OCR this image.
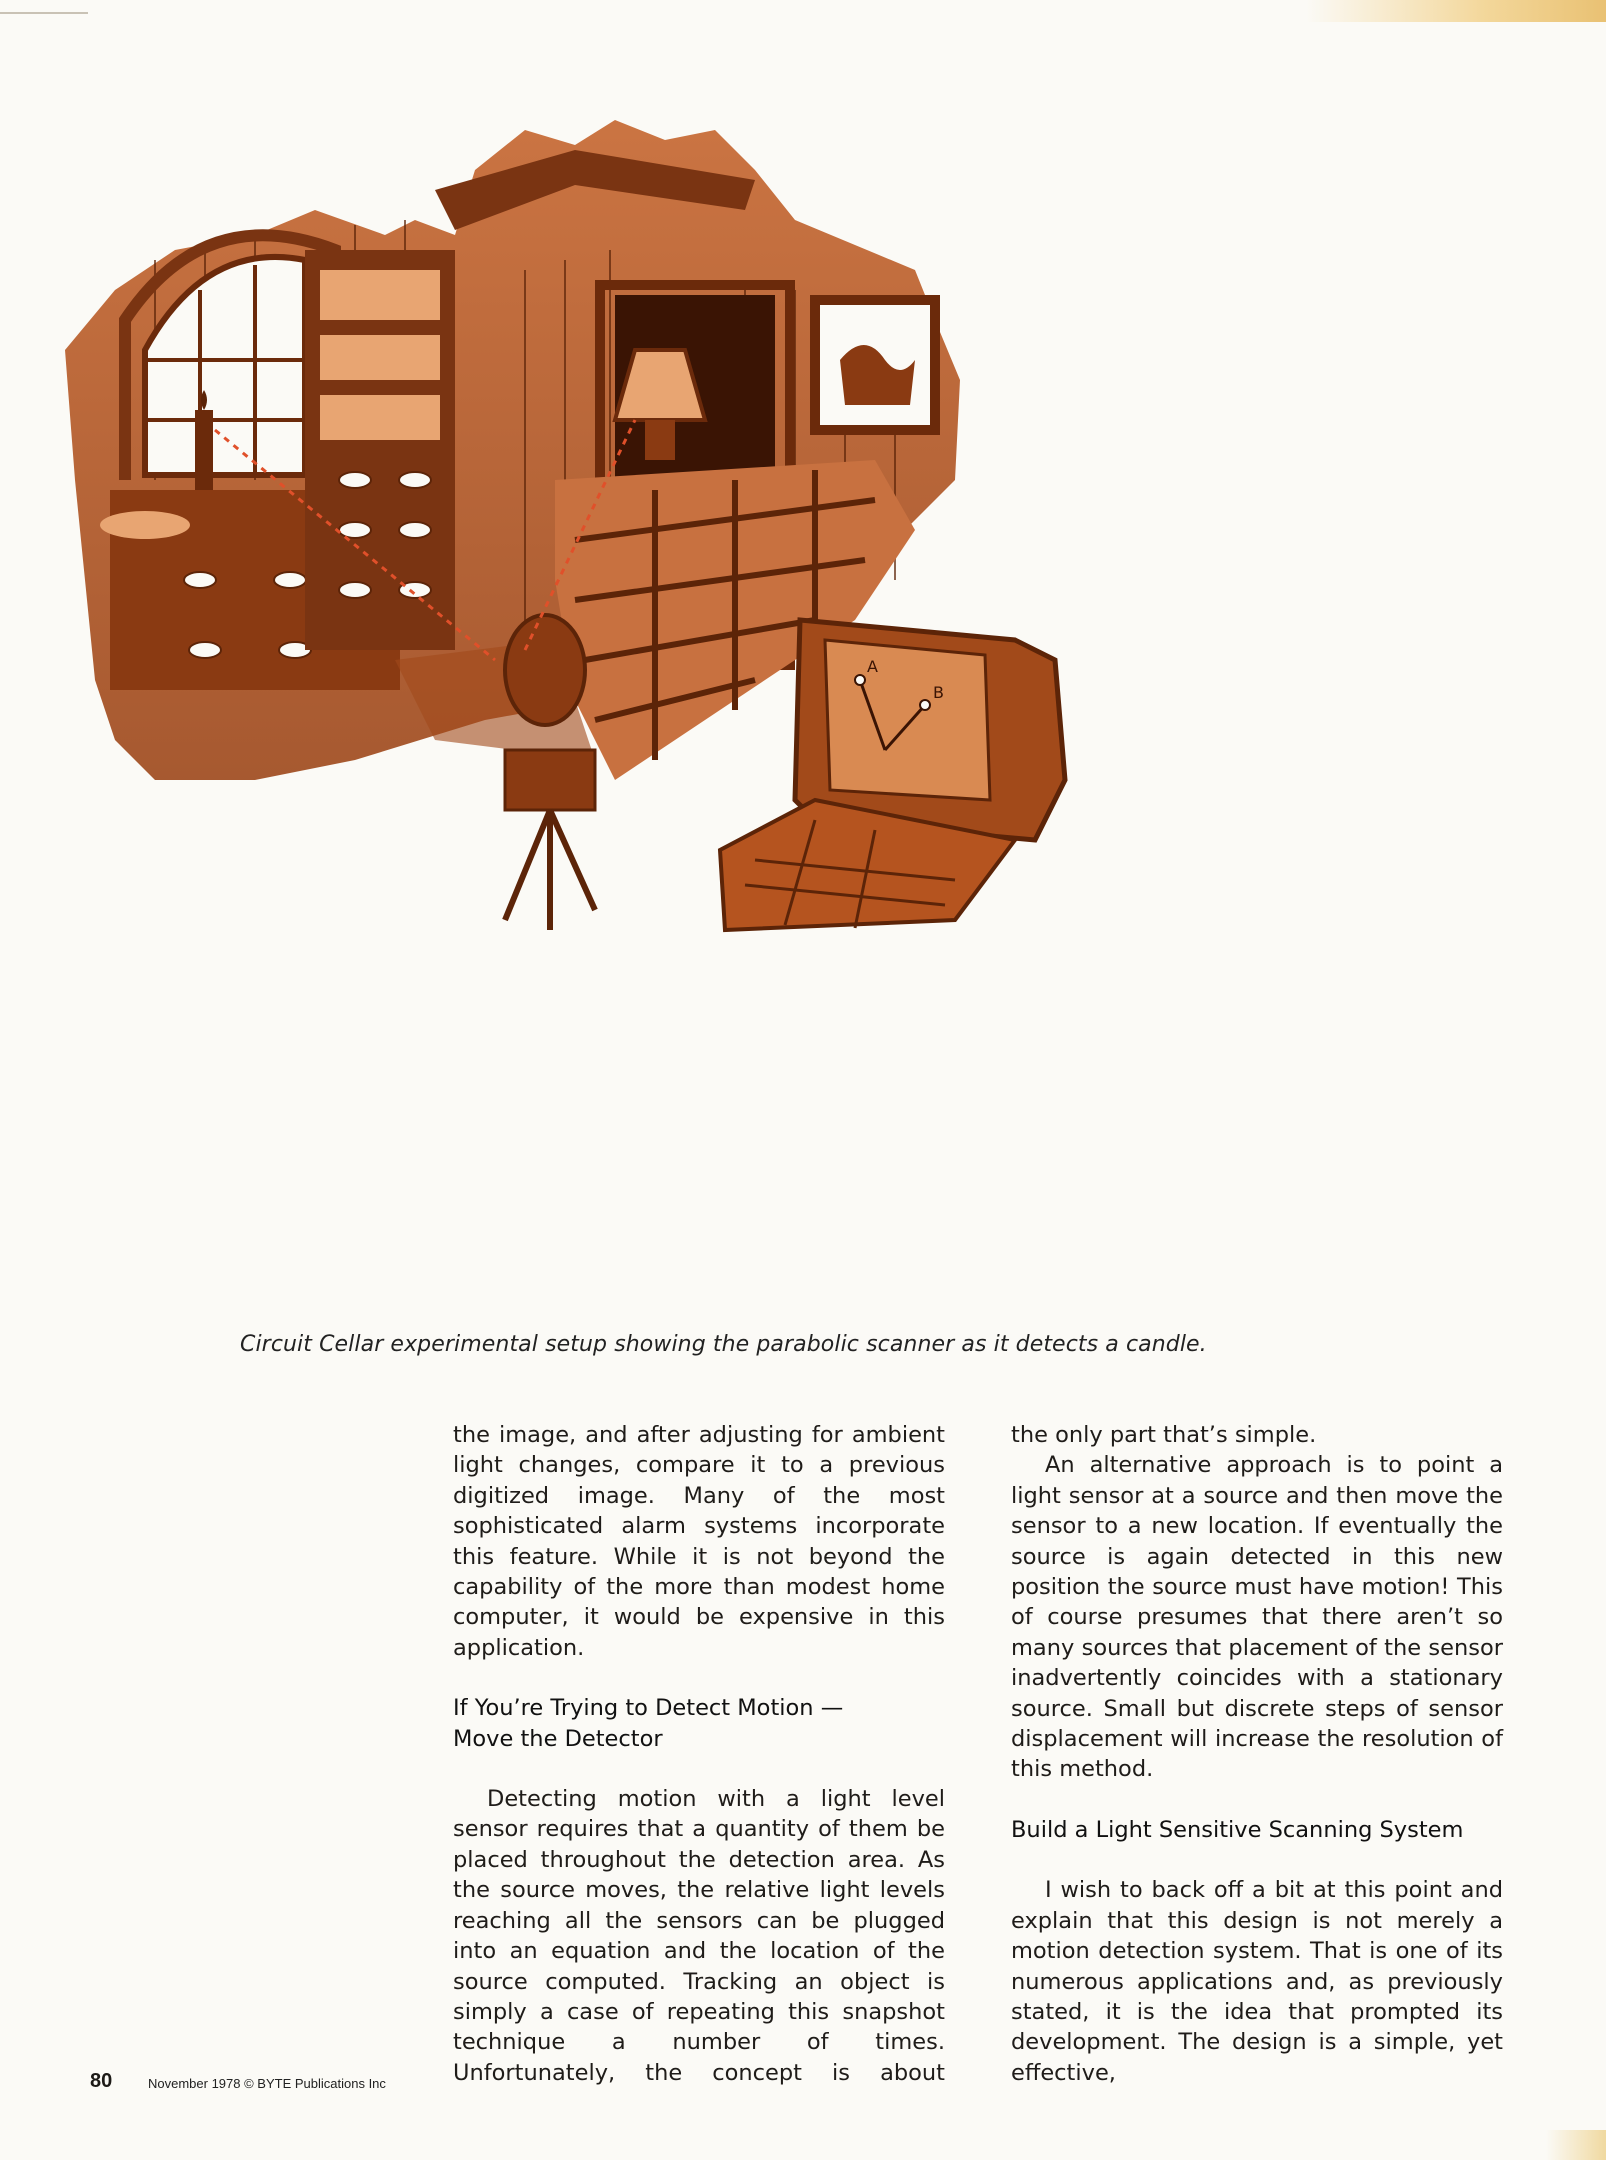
A
B
Circuit Cellar experimental setup showing the parabolic scanner as it detects a candle.

the image, and after adjusting for ambient light changes, compare it to a previous digitized image. Many of the most sophisticated alarm systems incorporate this feature. While it is not beyond the capability of the more than modest home computer, it would be expensive in this application.

If You’re Trying to Detect Motion —

Move the Detector

Detecting motion with a light level sensor requires that a quantity of them be placed throughout the detection area. As the source moves, the relative light levels reaching all the sensors can be plugged into an equation and the location of the source computed. Tracking an object is simply a case of repeating this snapshot technique a number of times. Unfortunately, the concept is about

the only part that’s simple.

An alternative approach is to point a light sensor at a source and then move the sensor to a new location. If eventually the source is again detected in this new position the source must have motion! This of course presumes that there aren’t so many sources that placement of the sensor inadvertently coincides with a stationary source. Small but discrete steps of sensor displacement will increase the resolution of this method.

Build a Light Sensitive Scanning System

I wish to back off a bit at this point and explain that this design is not merely a motion detection system. That is one of its numerous applications and, as previously stated, it is the idea that prompted its development. The design is a simple, yet effective,

80	November 1978 © BYTE Publications Inc
